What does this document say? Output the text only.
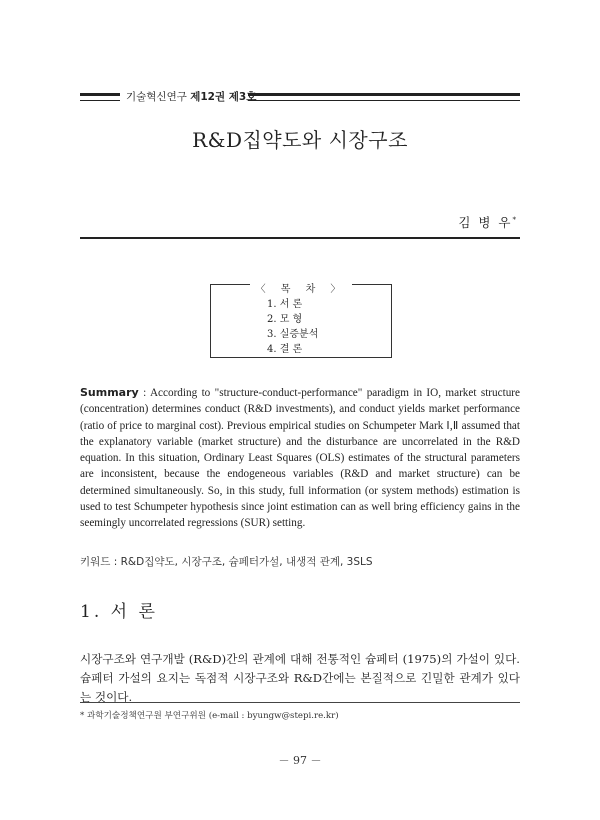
기술혁신연구 제12권 제3호
R&D집약도와 시장구조
김 병 우*
〈 목 차 〉
1. 서 론
2. 모 형
3. 실증분석
4. 결 론
Summary : According to "structure-conduct-performance" paradigm in IO, market structure (concentration) determines conduct (R&D investments), and conduct yields market performance (ratio of price to marginal cost). Previous empirical studies on Schumpeter Mark Ⅰ,Ⅱ assumed that the explanatory variable (market structure) and the disturbance are uncorrelated in the R&D equation. In this situation, Ordinary Least Squares (OLS) estimates of the structural parameters are inconsistent, because the endogeneous variables (R&D and market structure) can be determined simultaneously. So, in this study, full information (or system methods) estimation is used to test Schumpeter hypothesis since joint estimation can as well bring efficiency gains in the seemingly uncorrelated regressions (SUR) setting.
키워드 : R&D집약도, 시장구조, 슘페터가설, 내생적 관계, 3SLS
1. 서 론
시장구조와 연구개발 (R&D)간의 관계에 대해 전통적인 슘페터 (1975)의 가설이 있다. 슘페터 가설의 요지는 독점적 시장구조와 R&D간에는 본질적으로 긴밀한 관계가 있다는 것이다.
* 과학기술정책연구원 부연구위원 (e-mail : byungw@stepi.re.kr)
－ 97 －
